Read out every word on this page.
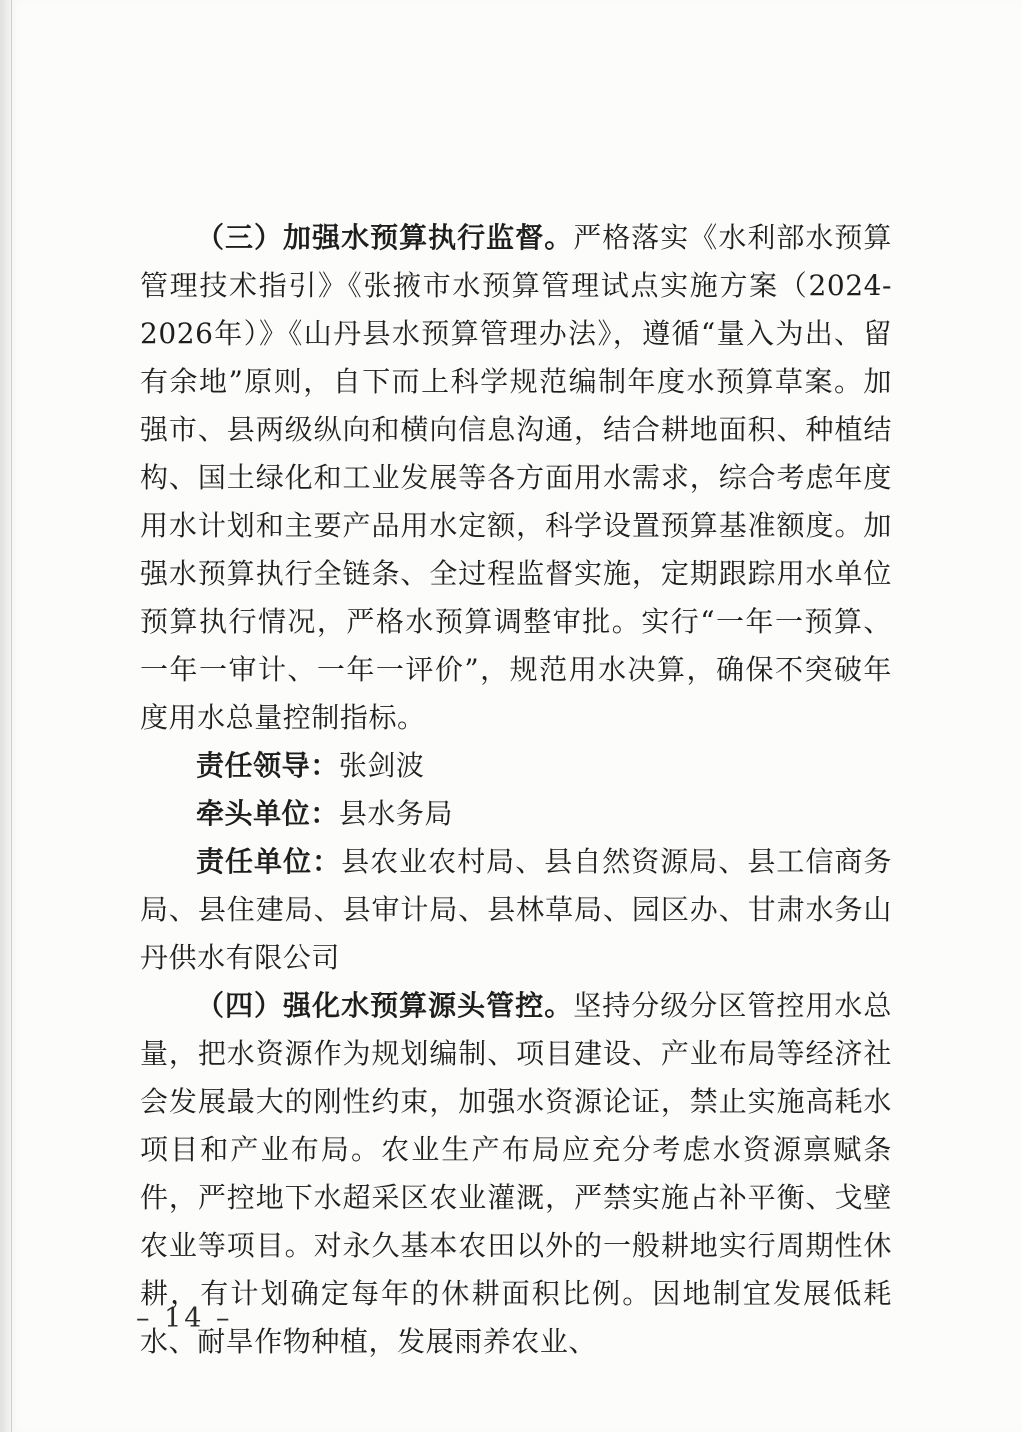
（三）加强水预算执行监督。严格落实《水利部水预算管理技术指引》《张掖市水预算管理试点实施方案（2024-2026年）》《山丹县水预算管理办法》，遵循“量入为出、留有余地”原则，自下而上科学规范编制年度水预算草案。加强市、县两级纵向和横向信息沟通，结合耕地面积、种植结构、国土绿化和工业发展等各方面用水需求，综合考虑年度用水计划和主要产品用水定额，科学设置预算基准额度。加强水预算执行全链条、全过程监督实施，定期跟踪用水单位预算执行情况，严格水预算调整审批。实行“一年一预算、一年一审计、一年一评价”，规范用水决算，确保不突破年度用水总量控制指标。

责任领导：张剑波

牵头单位：县水务局

责任单位：县农业农村局、县自然资源局、县工信商务局、县住建局、县审计局、县林草局、园区办、甘肃水务山丹供水有限公司

（四）强化水预算源头管控。坚持分级分区管控用水总量，把水资源作为规划编制、项目建设、产业布局等经济社会发展最大的刚性约束，加强水资源论证，禁止实施高耗水项目和产业布局。农业生产布局应充分考虑水资源禀赋条件，严控地下水超采区农业灌溉，严禁实施占补平衡、戈壁农业等项目。对永久基本农田以外的一般耕地实行周期性休耕，有计划确定每年的休耕面积比例。因地制宜发展低耗水、耐旱作物种植，发展雨养农业、

– 14 –
